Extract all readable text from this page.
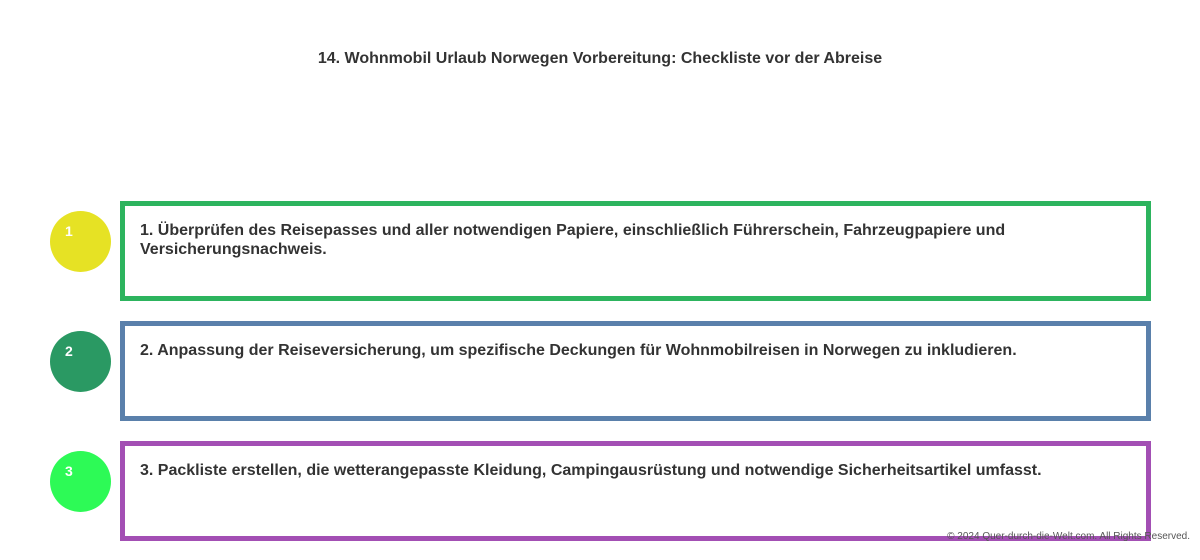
14. Wohnmobil Urlaub Norwegen Vorbereitung: Checkliste vor der Abreise
1	1. Überprüfen des Reisepasses und aller notwendigen Papiere, einschließlich Führerschein, Fahrzeugpapiere und Versicherungsnachweis.
2	2. Anpassung der Reiseversicherung, um spezifische Deckungen für Wohnmobilreisen in Norwegen zu inkludieren.
3	3. Packliste erstellen, die wetterangepasste Kleidung, Campingausrüstung und notwendige Sicherheitsartikel umfasst.
© 2024 Quer-durch-die-Welt.com. All Rights Reserved.
